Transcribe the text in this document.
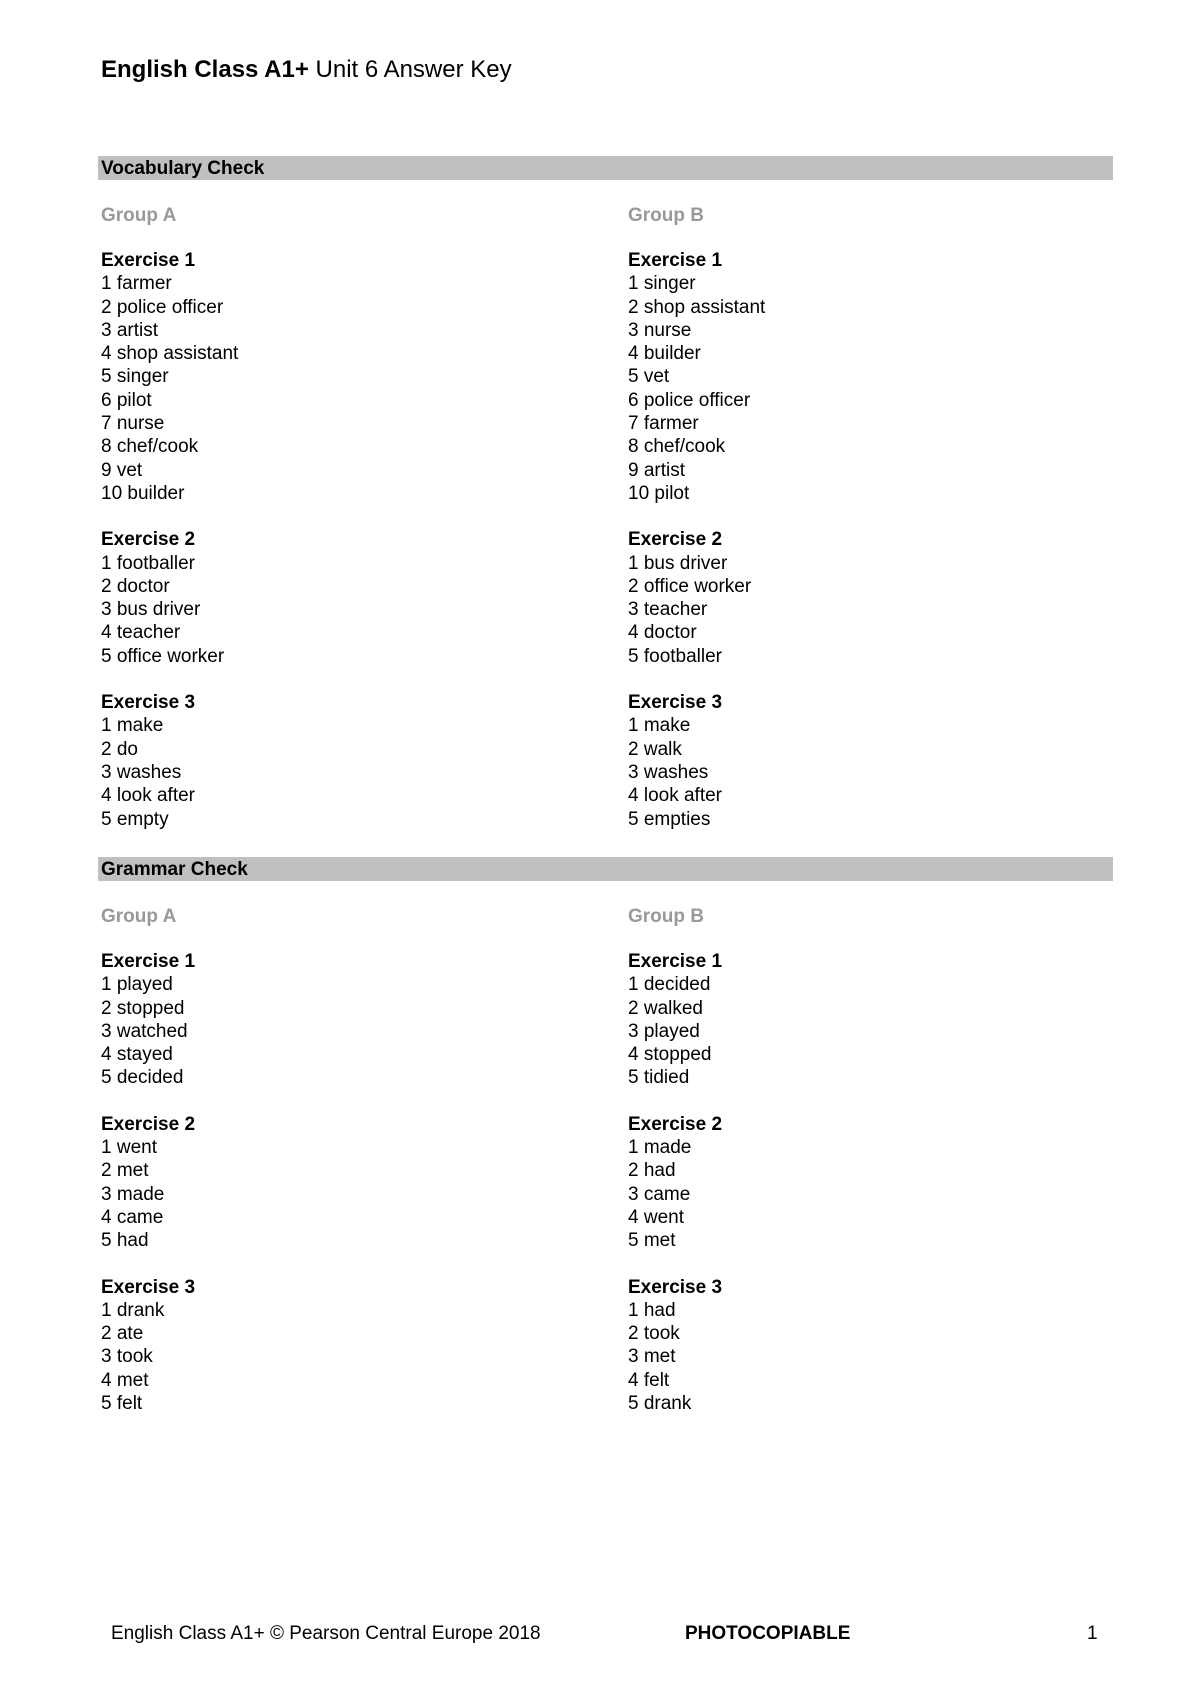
English Class A1+ Unit 6 Answer Key
Vocabulary Check
Group A
Exercise 1
1 farmer
2 police officer
3 artist
4 shop assistant
5 singer
6 pilot
7 nurse
8 chef/cook
9 vet
10 builder
Exercise 2
1 footballer
2 doctor
3 bus driver
4 teacher
5 office worker
Exercise 3
1 make
2 do
3 washes
4 look after
5 empty
Group B
Exercise 1
1 singer
2 shop assistant
3 nurse
4 builder
5 vet
6 police officer
7 farmer
8 chef/cook
9 artist
10 pilot
Exercise 2
1 bus driver
2 office worker
3 teacher
4 doctor
5 footballer
Exercise 3
1 make
2 walk
3 washes
4 look after
5 empties
Grammar Check
Group A
Exercise 1
1 played
2 stopped
3 watched
4 stayed
5 decided
Exercise 2
1 went
2 met
3 made
4 came
5 had
Exercise 3
1 drank
2 ate
3 took
4 met
5 felt
Group B
Exercise 1
1 decided
2 walked
3 played
4 stopped
5 tidied
Exercise 2
1 made
2 had
3 came
4 went
5 met
Exercise 3
1 had
2 took
3 met
4 felt
5 drank
English Class A1+ © Pearson Central Europe 2018	PHOTOCOPIABLE	1
